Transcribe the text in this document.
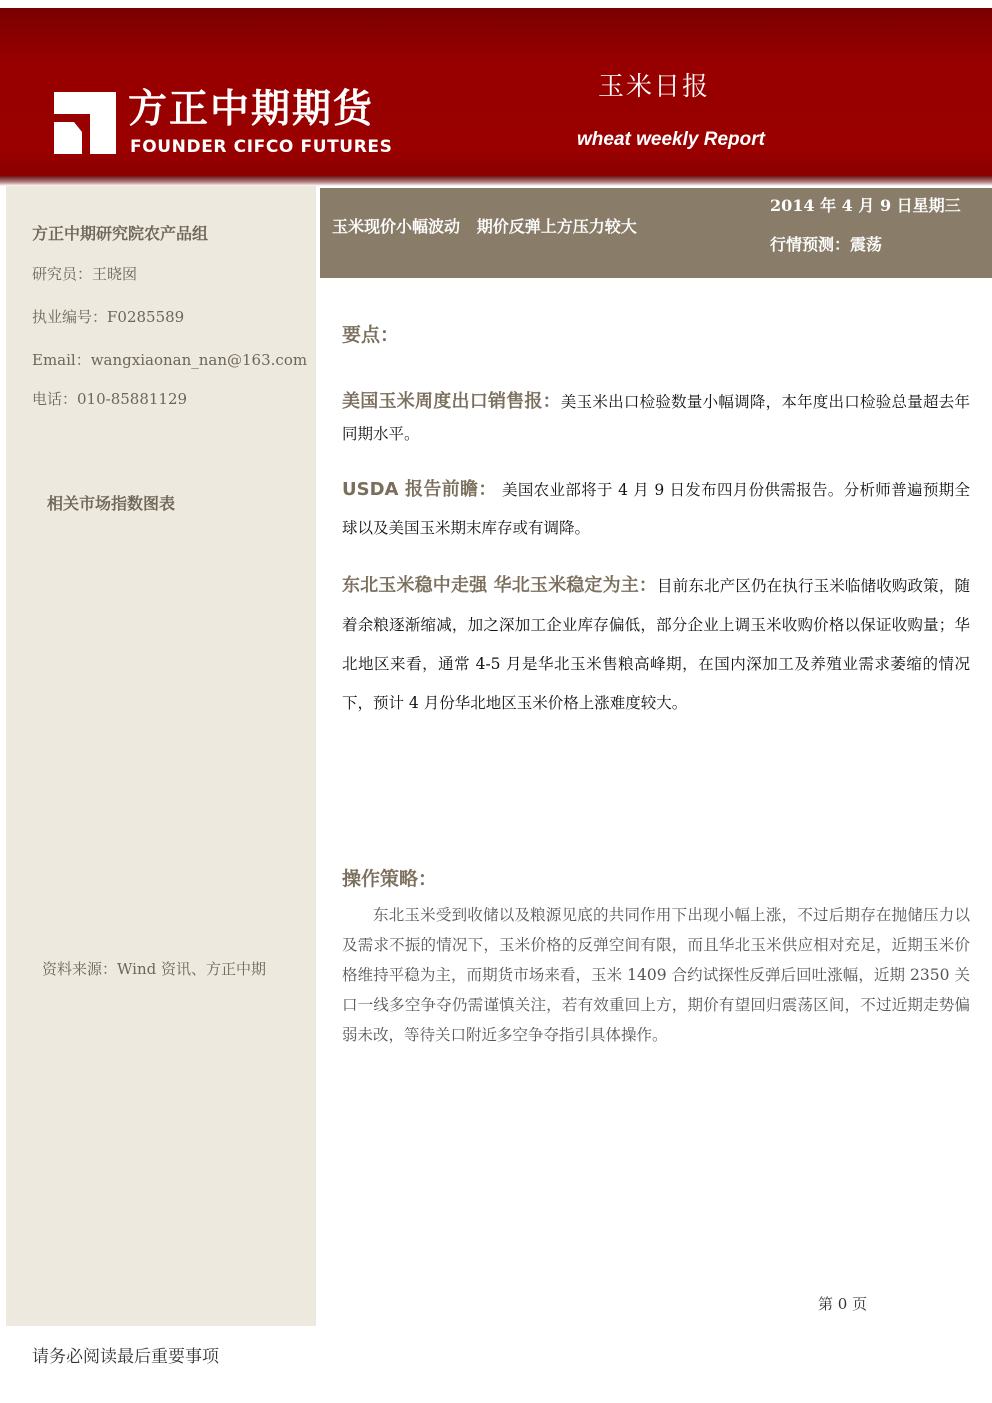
方正中期期货
FOUNDER CIFCO FUTURES
玉米日报
wheat weekly Report
方正中期研究院农产品组
研究员：王晓囡
执业编号：F0285589
Email：wangxiaonan_nan@163.com
电话：010-85881129
相关市场指数图表
资料来源：Wind 资讯、方正中期
玉米现价小幅波动   期价反弹上方压力较大
2014 年 4 月 9 日星期三
行情预测：震荡
要点：
美国玉米周度出口销售报：美玉米出口检验数量小幅调降，本年度出口检验总量超去年同期水平。
USDA 报告前瞻： 美国农业部将于 4 月 9 日发布四月份供需报告。分析师普遍预期全球以及美国玉米期末库存或有调降。
东北玉米稳中走强 华北玉米稳定为主：目前东北产区仍在执行玉米临储收购政策，随着余粮逐渐缩减，加之深加工企业库存偏低，部分企业上调玉米收购价格以保证收购量；华北地区来看，通常 4-5 月是华北玉米售粮高峰期，在国内深加工及养殖业需求萎缩的情况下，预计 4 月份华北地区玉米价格上涨难度较大。
操作策略：
东北玉米受到收储以及粮源见底的共同作用下出现小幅上涨，不过后期存在抛储压力以及需求不振的情况下，玉米价格的反弹空间有限，而且华北玉米供应相对充足，近期玉米价格维持平稳为主，而期货市场来看，玉米 1409 合约试探性反弹后回吐涨幅，近期 2350 关口一线多空争夺仍需谨慎关注，若有效重回上方，期价有望回归震荡区间，不过近期走势偏弱未改，等待关口附近多空争夺指引具体操作。
第 0 页
请务必阅读最后重要事项
